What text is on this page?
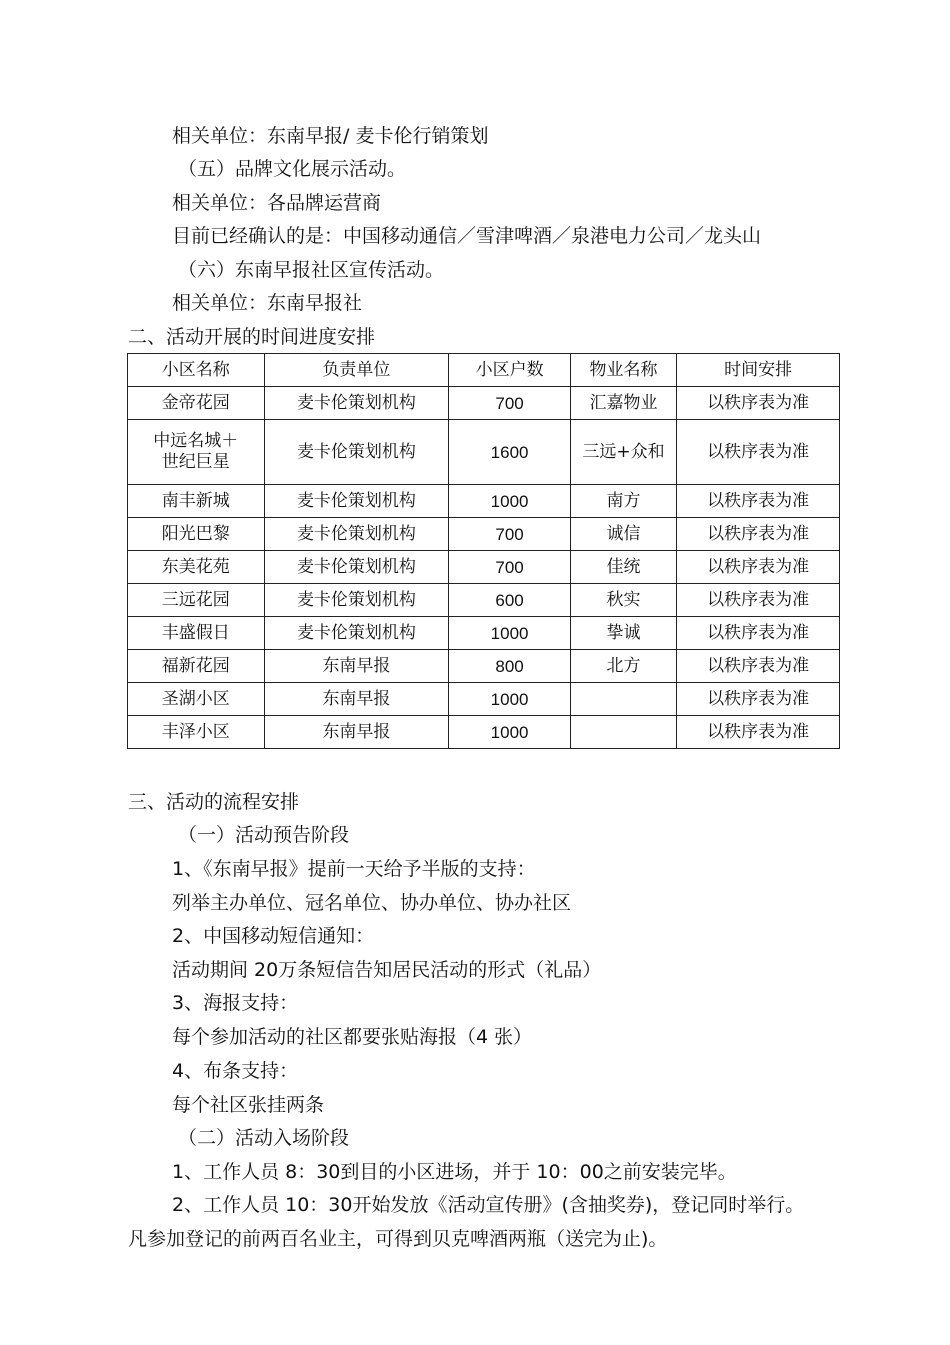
相关单位：东南早报/ 麦卡伦行销策划
（五）品牌文化展示活动。
相关单位：各品牌运营商
目前已经确认的是：中国移动通信／雪津啤酒／泉港电力公司／龙头山
（六）东南早报社区宣传活动。
相关单位：东南早报社
二、活动开展的时间进度安排
小区名称	负责单位	小区户数	物业名称	时间安排
金帝花园	麦卡伦策划机构	700	汇嘉物业	以秩序表为准
中远名城＋世纪巨星	麦卡伦策划机构	1600	三远+众和	以秩序表为准
南丰新城	麦卡伦策划机构	1000	南方	以秩序表为准
阳光巴黎	麦卡伦策划机构	700	诚信	以秩序表为准
东美花苑	麦卡伦策划机构	700	佳统	以秩序表为准
三远花园	麦卡伦策划机构	600	秋实	以秩序表为准
丰盛假日	麦卡伦策划机构	1000	挚诚	以秩序表为准
福新花园	东南早报	800	北方	以秩序表为准
圣湖小区	东南早报	1000		以秩序表为准
丰泽小区	东南早报	1000		以秩序表为准
三、活动的流程安排
（一）活动预告阶段
1、《东南早报》提前一天给予半版的支持：
列举主办单位、冠名单位、协办单位、协办社区
2、中国移动短信通知：
活动期间 20万条短信告知居民活动的形式（礼品）
3、海报支持：
每个参加活动的社区都要张贴海报（4 张）
4、布条支持：
每个社区张挂两条
（二）活动入场阶段
1、工作人员 8：30到目的小区进场，并于 10：00之前安装完毕。
2、工作人员 10：30开始发放《活动宣传册》(含抽奖券)，登记同时举行。
凡参加登记的前两百名业主，可得到贝克啤酒两瓶（送完为止)。
